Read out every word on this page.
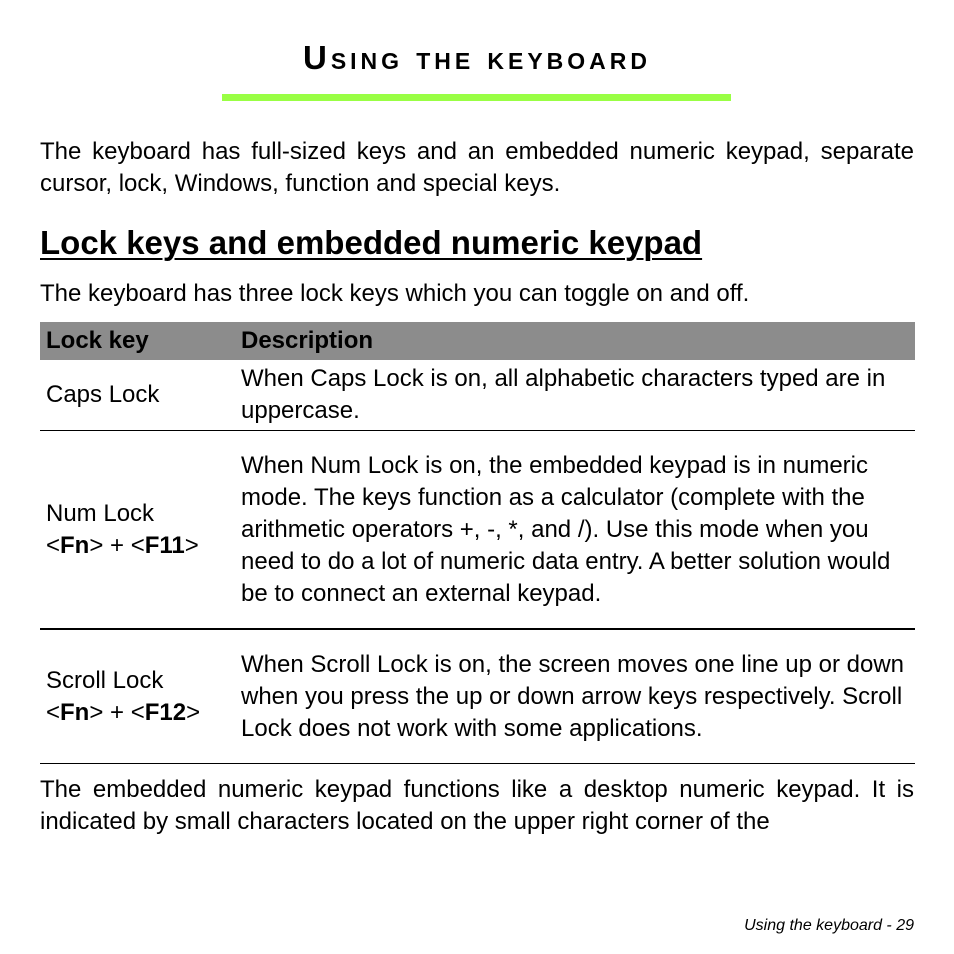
Using the keyboard
The keyboard has full-sized keys and an embedded numeric keypad, separate cursor, lock, Windows, function and special keys.
Lock keys and embedded numeric keypad
The keyboard has three lock keys which you can toggle on and off.
Lock key	Description
Caps Lock	When Caps Lock is on, all alphabetic characters typed are in uppercase.
Num Lock
<Fn> + <F11>	When Num Lock is on, the embedded keypad is in numeric mode. The keys function as a calculator (complete with the arithmetic operators +, -, *, and /). Use this mode when you need to do a lot of numeric data entry. A better solution would be to connect an external keypad.
Scroll Lock
<Fn> + <F12>	When Scroll Lock is on, the screen moves one line up or down when you press the up or down arrow keys respectively. Scroll Lock does not work with some applications.
The embedded numeric keypad functions like a desktop numeric keypad. It is indicated by small characters located on the upper right corner of the
Using the keyboard - 29
